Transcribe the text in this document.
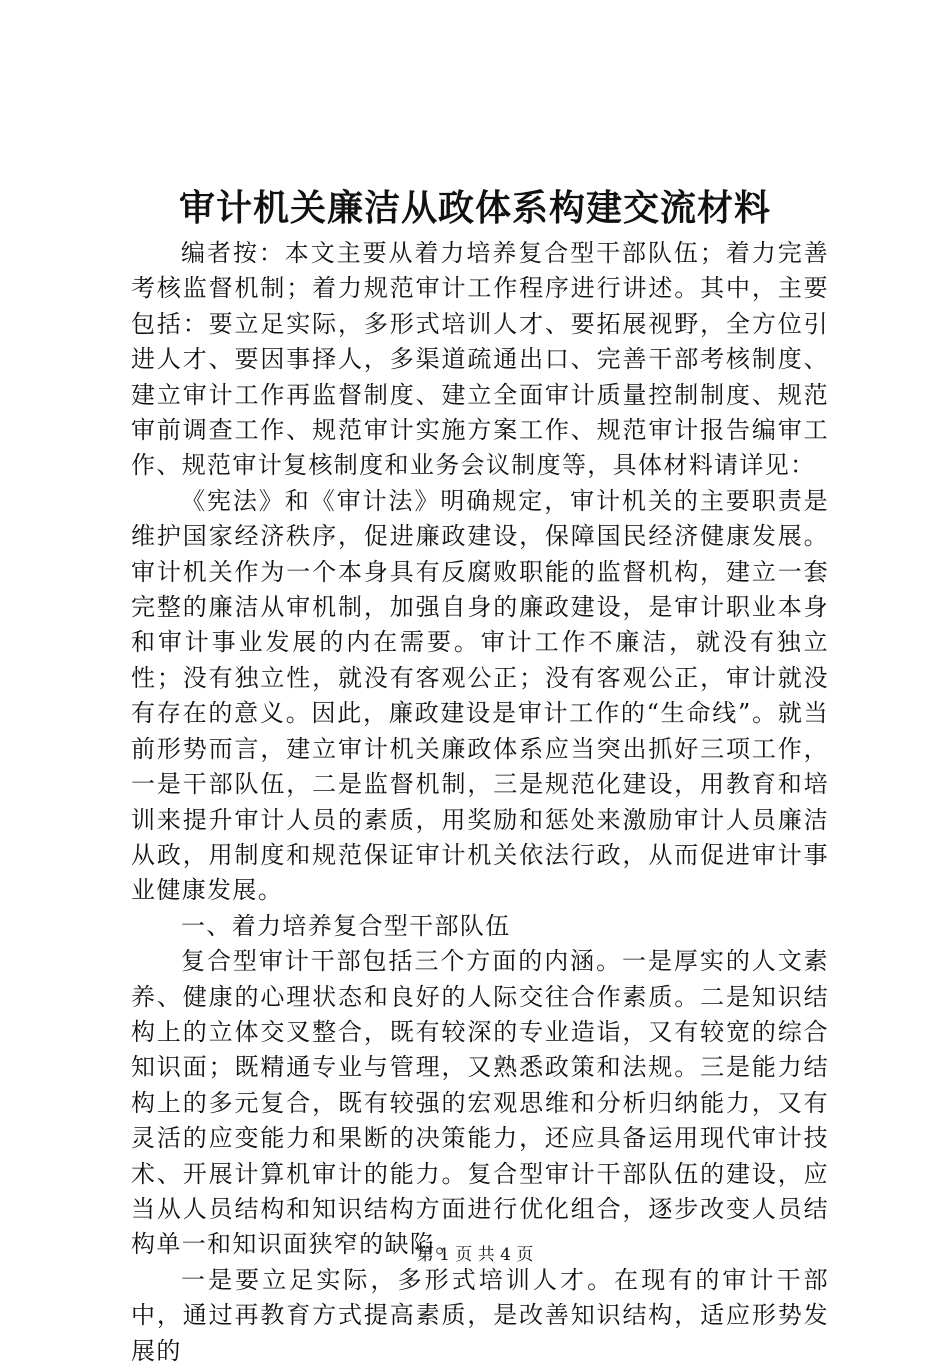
审计机关廉洁从政体系构建交流材料

编者按：本文主要从着力培养复合型干部队伍；着力完善考核监督机制；着力规范审计工作程序进行讲述。其中，主要包括：要立足实际，多形式培训人才、要拓展视野，全方位引进人才、要因事择人，多渠道疏通出口、完善干部考核制度、建立审计工作再监督制度、建立全面审计质量控制制度、规范审前调查工作、规范审计实施方案工作、规范审计报告编审工作、规范审计复核制度和业务会议制度等，具体材料请详见：

《宪法》和《审计法》明确规定，审计机关的主要职责是维护国家经济秩序，促进廉政建设，保障国民经济健康发展。审计机关作为一个本身具有反腐败职能的监督机构，建立一套完整的廉洁从审机制，加强自身的廉政建设，是审计职业本身和审计事业发展的内在需要。审计工作不廉洁，就没有独立性；没有独立性，就没有客观公正；没有客观公正，审计就没有存在的意义。因此，廉政建设是审计工作的“生命线”。就当前形势而言，建立审计机关廉政体系应当突出抓好三项工作，一是干部队伍，二是监督机制，三是规范化建设，用教育和培训来提升审计人员的素质，用奖励和惩处来激励审计人员廉洁从政，用制度和规范保证审计机关依法行政，从而促进审计事业健康发展。

一、着力培养复合型干部队伍

复合型审计干部包括三个方面的内涵。一是厚实的人文素养、健康的心理状态和良好的人际交往合作素质。二是知识结构上的立体交叉整合，既有较深的专业造诣，又有较宽的综合知识面；既精通专业与管理，又熟悉政策和法规。三是能力结构上的多元复合，既有较强的宏观思维和分析归纳能力，又有灵活的应变能力和果断的决策能力，还应具备运用现代审计技术、开展计算机审计的能力。复合型审计干部队伍的建设，应当从人员结构和知识结构方面进行优化组合，逐步改变人员结构单一和知识面狭窄的缺陷。

一是要立足实际，多形式培训人才。在现有的审计干部中，通过再教育方式提高素质，是改善知识结构，适应形势发展的

第 1 页 共 4 页
